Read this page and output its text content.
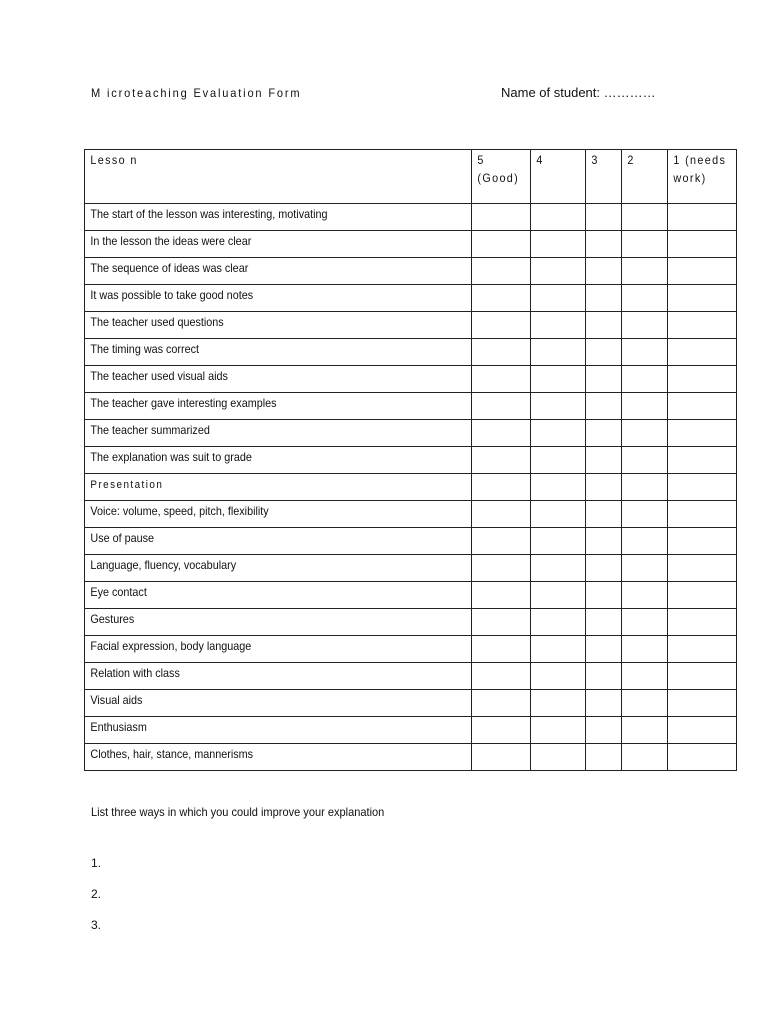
M icroteaching Evaluation Form	Name of student: …………
Lesso n	5 (Good)	4	3	2	1 (needs work)

The start of the lesson was interesting, motivating					

In the lesson the ideas were clear					

The sequence of ideas was clear					

It was possible to take good notes					

The teacher used questions					

The timing was correct					

The teacher used visual aids					

The teacher gave interesting examples					

The teacher summarized					

The explanation was suit to grade					

Presentation					

Voice: volume, speed, pitch, flexibility					

Use of pause					

Language, fluency, vocabulary					

Eye contact					

Gestures					

Facial expression, body language					

Relation with class					

Visual aids					

Enthusiasm					

Clothes, hair, stance, mannerisms					

List three ways in which you could improve your explanation
1.
2.
3.
